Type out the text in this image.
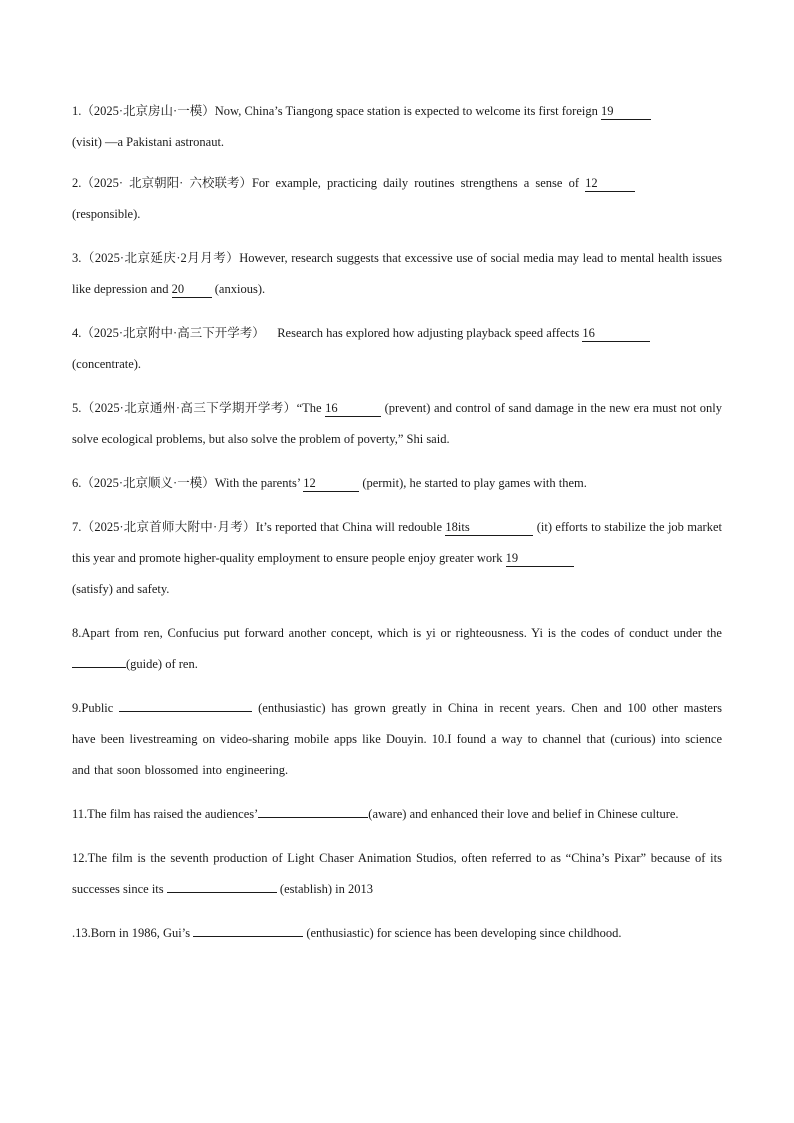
1.（2025·北京房山·一模）Now, China’s Tiangong space station is expected to welcome its first foreign 19
(visit) —a Pakistani astronaut.

2.（2025· 北京朝阳· 六校联考）For example, practicing daily routines strengthens a sense of 12
(responsible).

3.（2025·北京延庆·2月月考）However, research suggests that excessive use of social media may lead to mental health issues like depression and 20 (anxious).

4.（2025·北京附中·高三下开学考）    Research has explored how adjusting playback speed affects 16
(concentrate).

5.（2025·北京通州·高三下学期开学考）“The 16	(prevent) and control of sand damage in the new era must not only solve ecological problems, but also solve the problem of poverty,” Shi said.

6.（2025·北京顺义·一模）With the parents’ 12	(permit), he started to play games with them.

7.（2025·北京首师大附中·月考）It’s reported that China will redouble 18its	(it) efforts to stabilize the job market this year and promote higher-quality employment to ensure people enjoy greater work 19
(satisfy) and safety.

8.Apart from ren, Confucius put forward another concept, which is yi or righteousness. Yi is the codes of conduct under the (guide) of ren.

9.Public	(enthusiastic) has grown greatly in China in recent years. Chen and 100 other masters have been livestreaming on video-sharing mobile apps like Douyin. 10.I found a way to channel that (curious) into science and that soon blossomed into engineering.

11.The film has raised the audiences’	(aware) and enhanced their love and belief in Chinese culture.

12.The film is the seventh production of Light Chaser Animation Studios, often referred to as “China’s Pixar” because of its successes since its	(establish) in 2013

.13.Born in 1986, Gui’s	(enthusiastic) for science has been developing since childhood.
